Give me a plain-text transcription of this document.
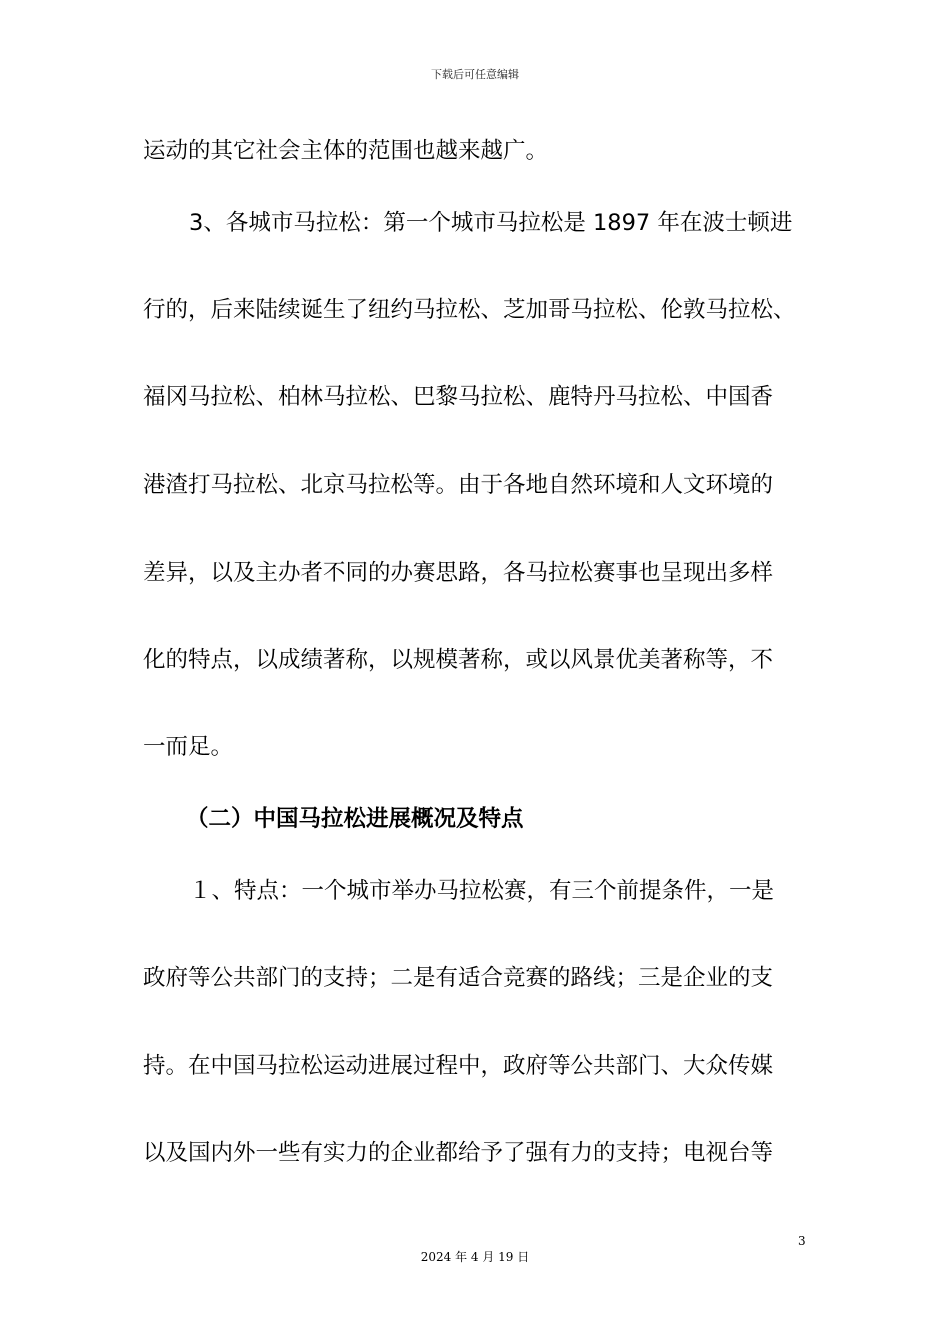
下载后可任意编辑
运动的其它社会主体的范围也越来越广。
3、各城市马拉松：第一个城市马拉松是 1897 年在波士顿进
行的，后来陆续诞生了纽约马拉松、芝加哥马拉松、伦敦马拉松、
福冈马拉松、柏林马拉松、巴黎马拉松、鹿特丹马拉松、中国香
港渣打马拉松、北京马拉松等。由于各地自然环境和人文环境的
差异，以及主办者不同的办赛思路，各马拉松赛事也呈现出多样
化的特点，以成绩著称，以规模著称，或以风景优美著称等，不
一而足。
（二）中国马拉松进展概况及特点
１、特点：一个城市举办马拉松赛，有三个前提条件，一是
政府等公共部门的支持；二是有适合竞赛的路线；三是企业的支
持。在中国马拉松运动进展过程中，政府等公共部门、大众传媒
以及国内外一些有实力的企业都给予了强有力的支持；电视台等
3
2024 年 4 月 19 日
